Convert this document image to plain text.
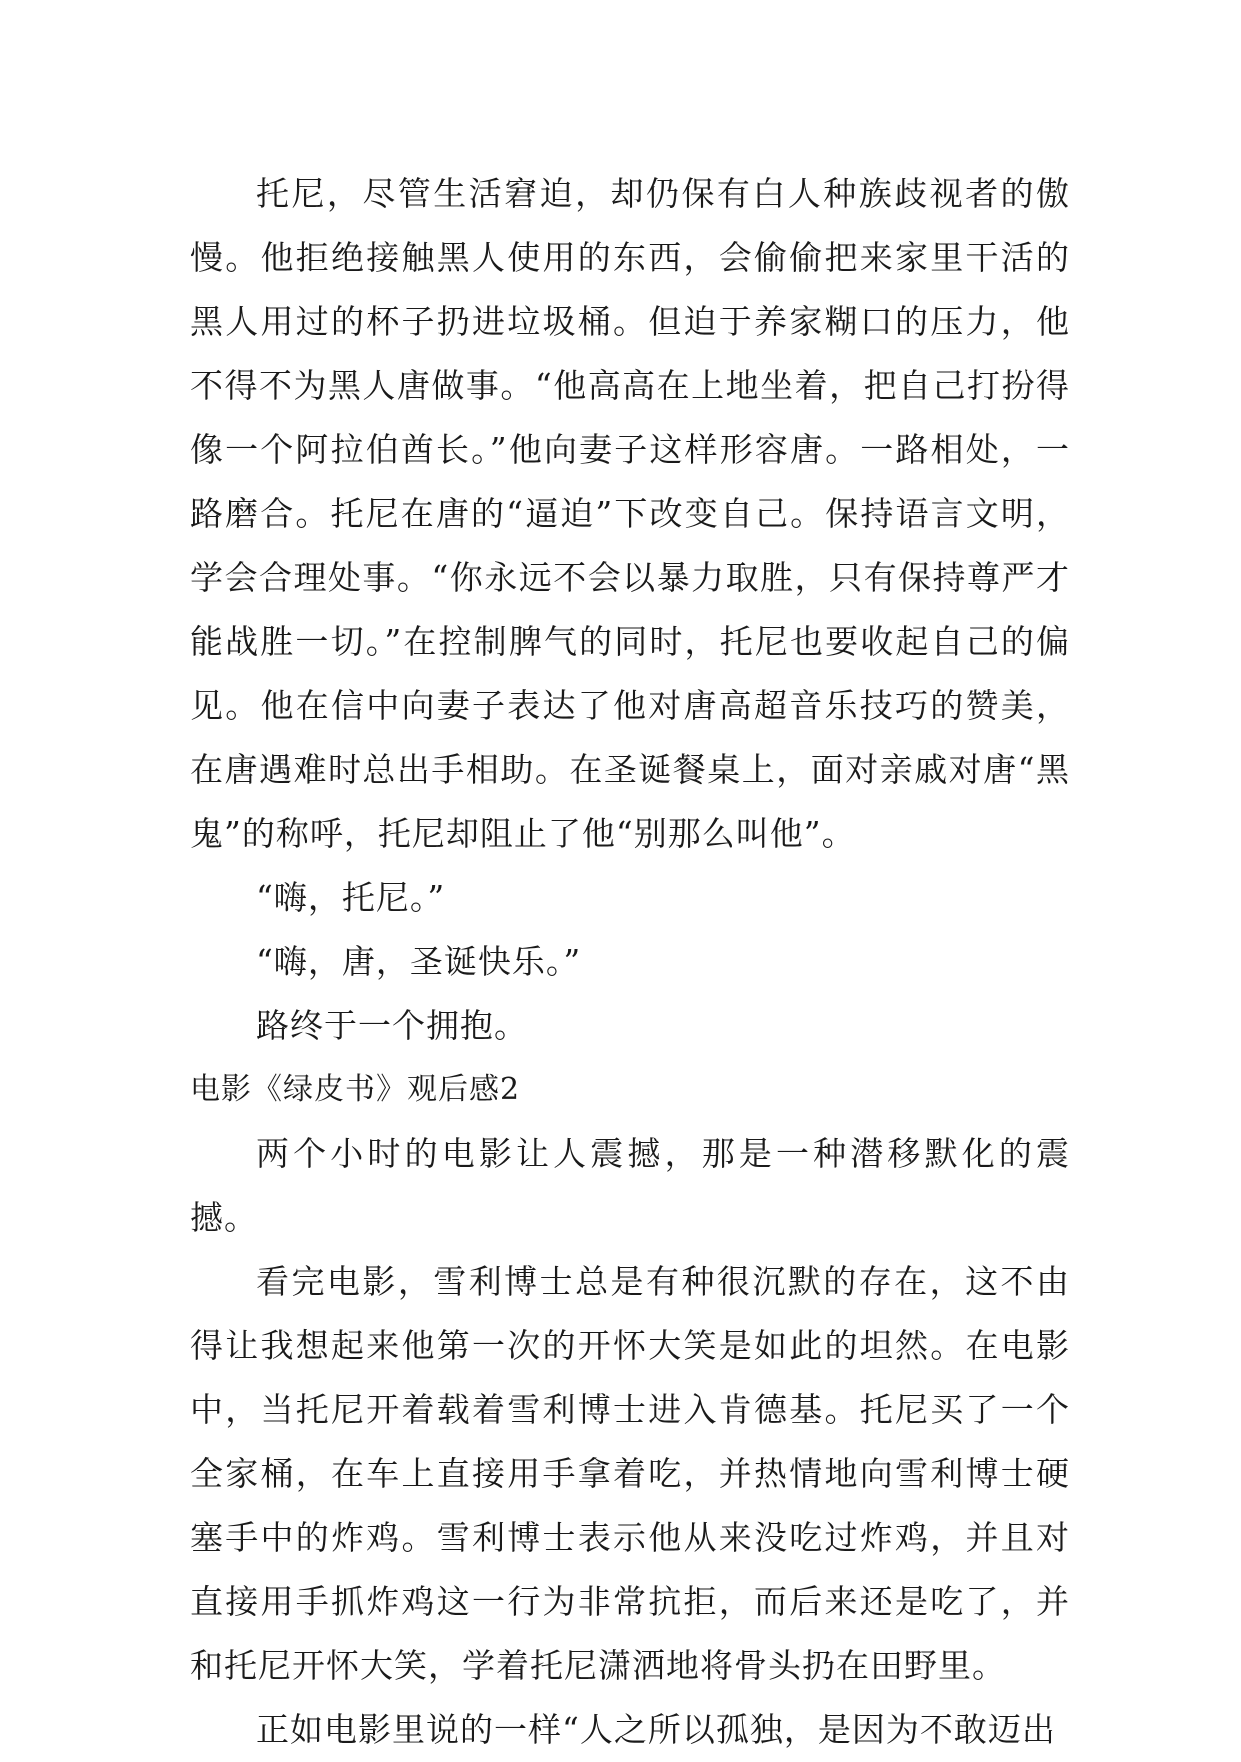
托尼，尽管生活窘迫，却仍保有白人种族歧视者的傲慢。他拒绝接触黑人使用的东西，会偷偷把来家里干活的黑人用过的杯子扔进垃圾桶。但迫于养家糊口的压力，他不得不为黑人唐做事。“他高高在上地坐着，把自己打扮得像一个阿拉伯酋长。”他向妻子这样形容唐。一路相处，一路磨合。托尼在唐的“逼迫”下改变自己。保持语言文明，学会合理处事。“你永远不会以暴力取胜，只有保持尊严才能战胜一切。”在控制脾气的同时，托尼也要收起自己的偏见。他在信中向妻子表达了他对唐高超音乐技巧的赞美，在唐遇难时总出手相助。在圣诞餐桌上，面对亲戚对唐“黑鬼”的称呼，托尼却阻止了他“别那么叫他”。

“嗨，托尼。”

“嗨，唐，圣诞快乐。”

路终于一个拥抱。

电影《绿皮书》观后感2

两个小时的电影让人震撼，那是一种潜移默化的震撼。

看完电影，雪利博士总是有种很沉默的存在，这不由得让我想起来他第一次的开怀大笑是如此的坦然。在电影中，当托尼开着载着雪利博士进入肯德基。托尼买了一个全家桶，在车上直接用手拿着吃，并热情地向雪利博士硬塞手中的炸鸡。雪利博士表示他从来没吃过炸鸡，并且对直接用手抓炸鸡这一行为非常抗拒，而后来还是吃了，并和托尼开怀大笑，学着托尼潇洒地将骨头扔在田野里。

正如电影里说的一样“人之所以孤独，是因为不敢迈出
